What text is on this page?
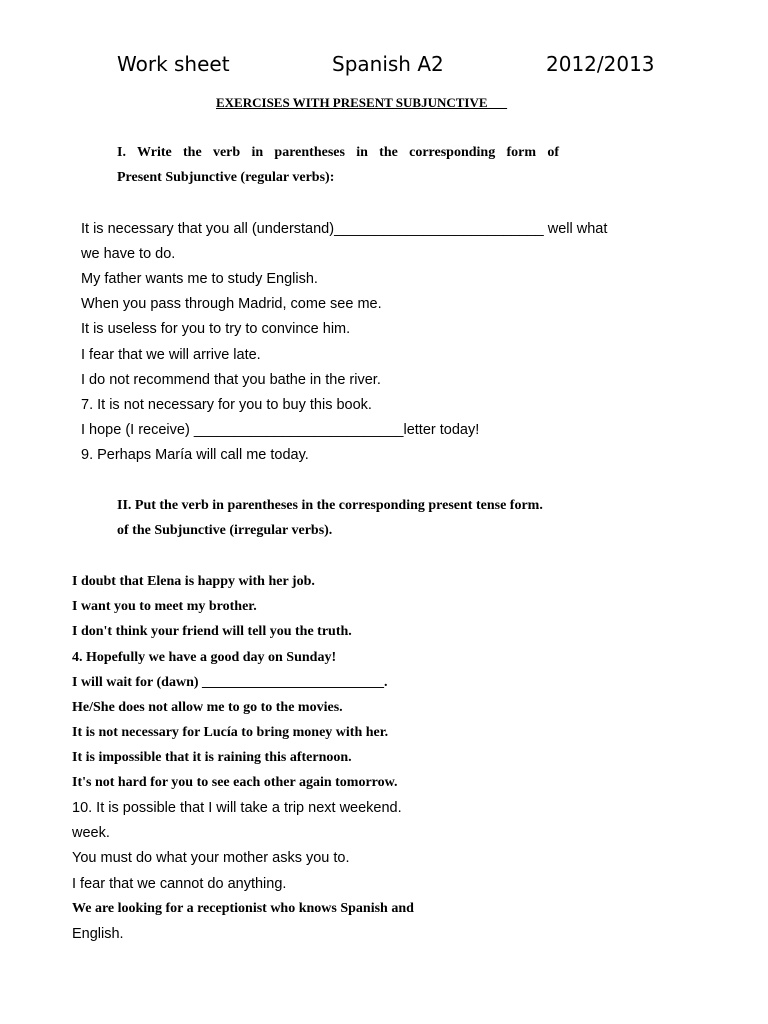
Work sheet	Spanish A2	2012/2013
EXERCISES WITH PRESENT SUBJUNCTIVE___
I. Write the verb in parentheses in the corresponding form of
Present Subjunctive (regular verbs):
It is necessary that you all (understand)__________________________ well what
we have to do.
My father wants me to study English.
When you pass through Madrid, come see me.
It is useless for you to try to convince him.
I fear that we will arrive late.
I do not recommend that you bathe in the river.
7. It is not necessary for you to buy this book.
I hope (I receive) __________________________letter today!
9. Perhaps María will call me today.
II. Put the verb in parentheses in the corresponding present tense form.
of the Subjunctive (irregular verbs).
I doubt that Elena is happy with her job.
I want you to meet my brother.
I don't think your friend will tell you the truth.
4. Hopefully we have a good day on Sunday!
I will wait for (dawn) __________________________.
He/She does not allow me to go to the movies.
It is not necessary for Lucía to bring money with her.
It is impossible that it is raining this afternoon.
It's not hard for you to see each other again tomorrow.
10. It is possible that I will take a trip next weekend.
week.
You must do what your mother asks you to.
I fear that we cannot do anything.
We are looking for a receptionist who knows Spanish and
English.
